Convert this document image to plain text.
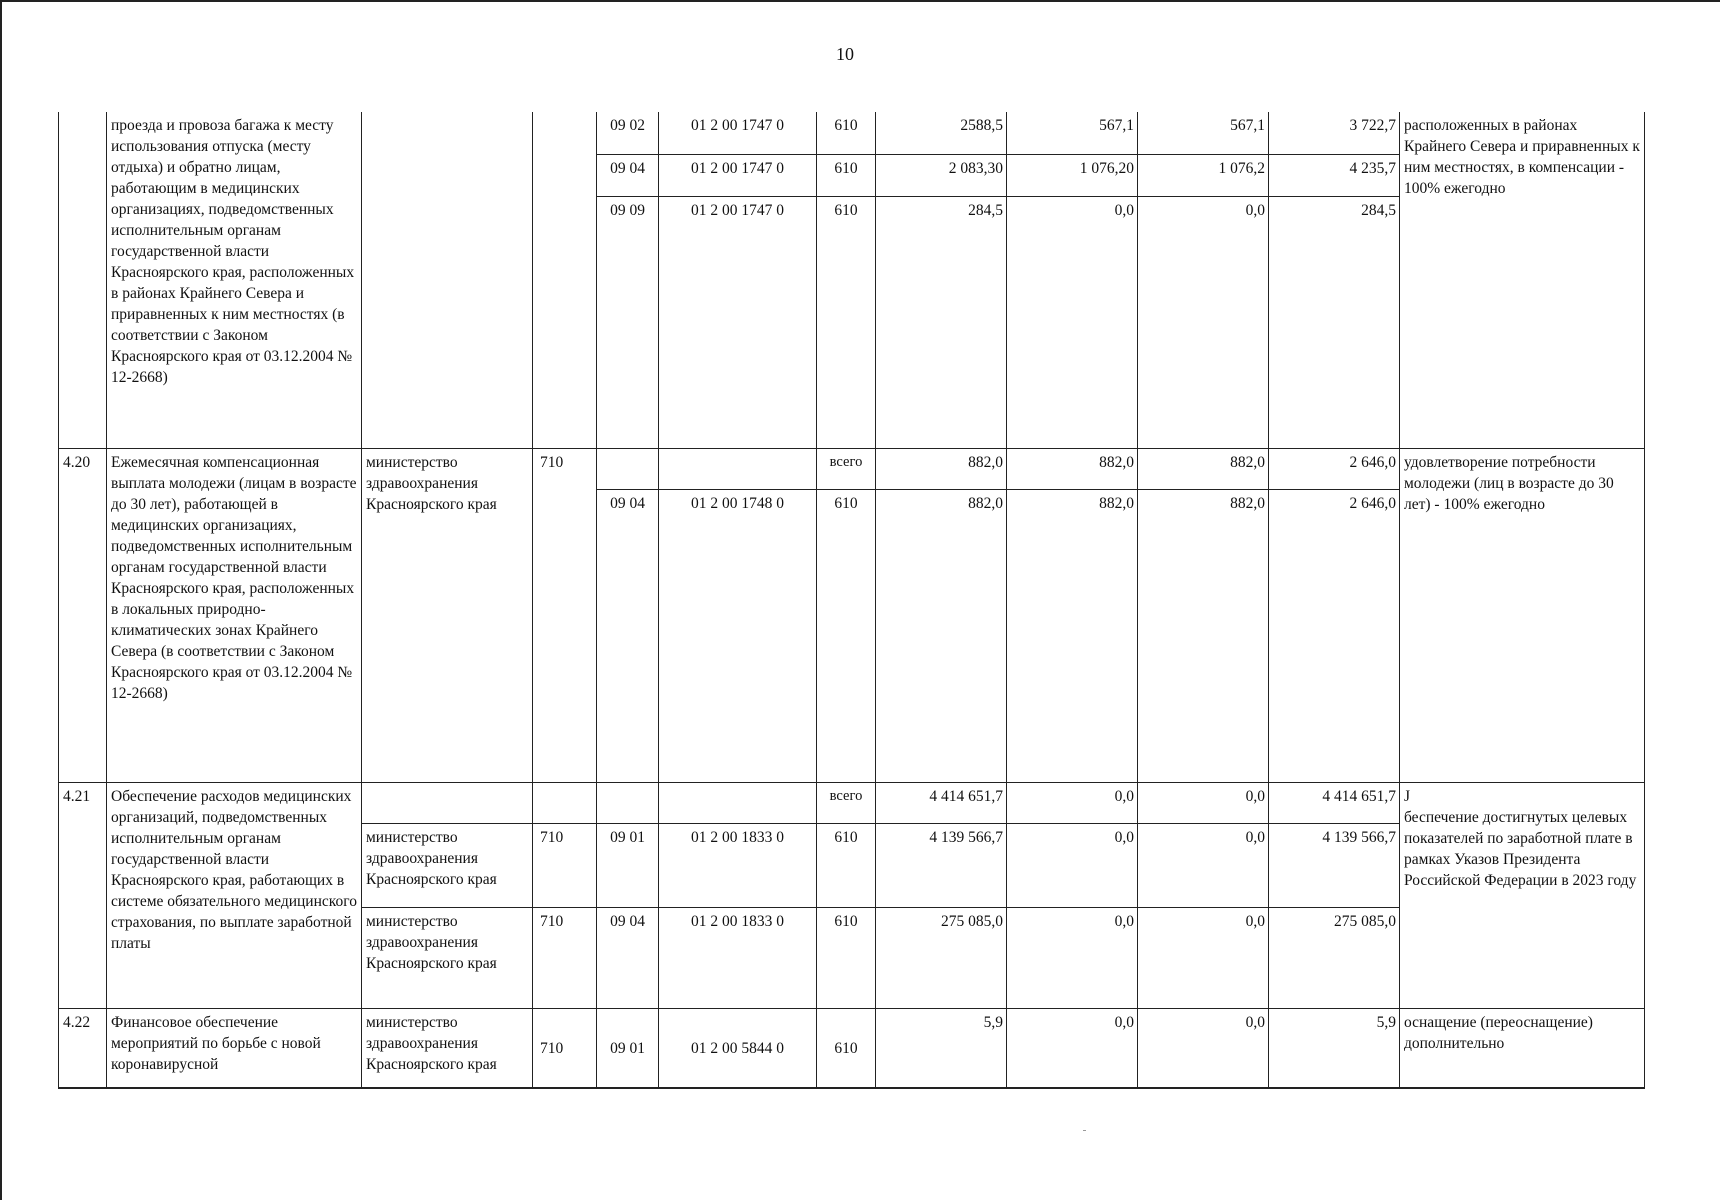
10
	проезда и провоза багажа к месту использования отпуска (месту отдыха) и обратно лицам, работающим в медицинских организациях, подведомственных исполнительным органам государственной власти Красноярского края, расположенных в районах Крайнего Севера и приравненных к ним местностях (в соответствии с Законом Красноярского края от 03.12.2004 № 12-2668)			09 02	01 2 00 1747 0	610	2588,5	567,1	567,1	3 722,7	расположенных в районах Крайнего Севера и приравненных к ним местностях, в компенсации - 100% ежегодно
				09 04	01 2 00 1747 0	610	2 083,30	1 076,20	1 076,2	4 235,7	
				09 09	01 2 00 1747 0	610	284,5	0,0	0,0	284,5	
4.20	Ежемесячная компенсационная выплата молодежи (лицам в возрасте до 30 лет), работающей в медицинских организациях, подведомственных исполнительным органам государственной власти Красноярского края, расположенных в локальных природно-климатических зонах Крайнего Севера (в соответствии с Законом Красноярского края от 03.12.2004 № 12-2668)	министерство здравоохранения Красноярского края	710			всего	882,0	882,0	882,0	2 646,0	удовлетворение потребности молодежи (лиц в возрасте до 30 лет) - 100% ежегодно
				09 04	01 2 00 1748 0	610	882,0	882,0	882,0	2 646,0	
4.21	Обеспечение расходов медицинских организаций, подведомственных исполнительным органам государственной власти Красноярского края, работающих в системе обязательного медицинского страхования, по выплате заработной платы					всего	4 414 651,7	0,0	0,0	4 414 651,7	J
беспечение достигнутых целевых показателей по заработной плате в рамках Указов Президента Российской Федерации в 2023 году

		министерство здравоохранения Красноярского края	710	09 01	01 2 00 1833 0	610	4 139 566,7	0,0	0,0	4 139 566,7	
		министерство здравоохранения Красноярского края	710	09 04	01 2 00 1833 0	610	275 085,0	0,0	0,0	275 085,0	
4.22	Финансовое обеспечение мероприятий по борьбе с новой коронавирусной	министерство здравоохранения Красноярского края	710	09 01	01 2 00 5844 0	610	5,9	0,0	0,0	5,9	оснащение (переоснащение) дополнительно
